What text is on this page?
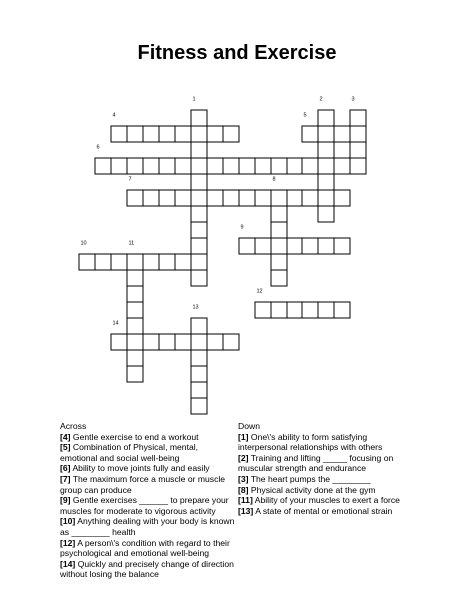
Fitness and Exercise
1	2	3
4	5
6
7	8
9
10	11
12
13
14
Across
[4] Gentle exercise to end a workout
[5] Combination of Physical, mental, emotional and social well-being
[6] Ability to move joints fully and easily
[7] The maximum force a muscle or muscle group can produce
[9] Gentle exercises ______ to prepare your muscles for moderate to vigorous activity
[10] Anything dealing with your body is known as ________ health
[12] A person\'s condition with regard to their psychological and emotional well-being
[14] Quickly and precisely change of direction without losing the balance
Down
[1] One\'s ability to form satisfying interpersonal relationships with others
[2] Training and lifting _____ focusing on muscular strength and endurance
[3] The heart pumps the ________
[8] Physical activity done at the gym
[11] Ability of your muscles to exert a force
[13] A state of mental or emotional strain
